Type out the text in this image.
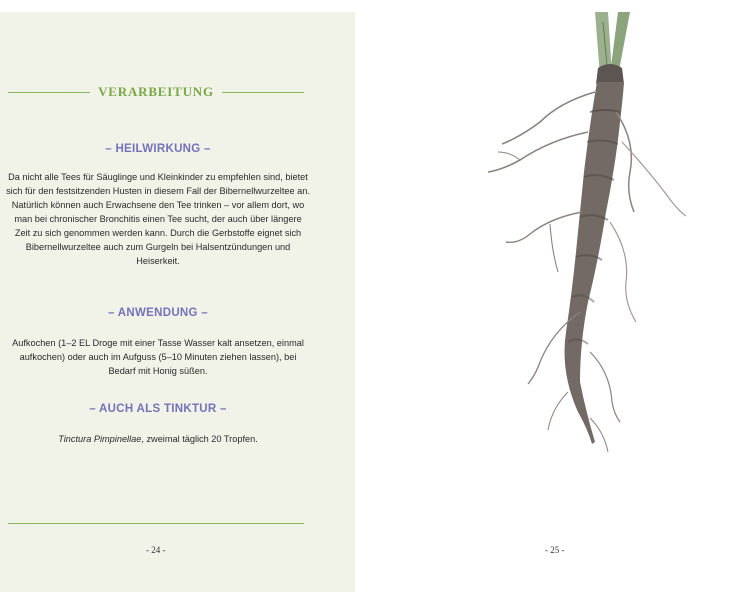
VERARBEITUNG
– HEILWIRKUNG –
Da nicht alle Tees für Säuglinge und Kleinkinder zu empfehlen sind, bietet sich für den festsitzenden Husten in diesem Fall der Bibernellwurzeltee an. Natürlich können auch Erwachsene den Tee trinken – vor allem dort, wo man bei chronischer Bronchitis einen Tee sucht, der auch über längere Zeit zu sich genommen werden kann. Durch die Gerbstoffe eignet sich Bibernellwurzeltee auch zum Gurgeln bei Halsentzündungen und Heiserkeit.
– ANWENDUNG –
Aufkochen (1–2 EL Droge mit einer Tasse Wasser kalt ansetzen, einmal aufkochen) oder auch im Aufguss (5–10 Minuten ziehen lassen), bei Bedarf mit Honig süßen.
– AUCH ALS TINKTUR –
Tinctura Pimpinellae, zweimal täglich 20 Tropfen.
- 24 -	- 25 -
